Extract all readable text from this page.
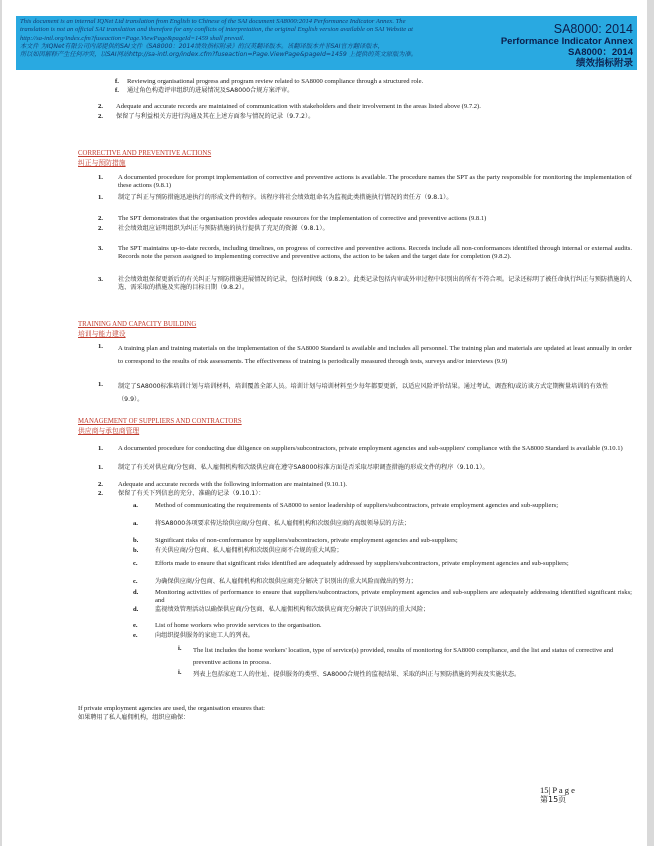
This document is an internal IQNet Ltd translation from English to Chinese of the SAI document SA8000:2014 Performance Indicator Annex. The
translation is not an official SAI translation and therefore for any conflicts of interpretation, the original English version available on SAI Website at
http://sa-intl.org/index.cfm?fuseaction=Page.ViewPage&pageId=1459 shall prevail.
本文件 为IQNet有限公司内部提供的SAI文件《SA8000：2014绩效指标附录》的汉英翻译版本。该翻译版本并非SAI官方翻译版本，
所以如因解释产生任何冲突，以SAI网站http://sa-intl.org/index.cfm?fuseaction=Page.ViewPage&pageId=1459 上提供的英文原版为准。
SA8000: 2014
Performance Indicator Annex
SA8000：2014
绩效指标附录
f. Reviewing organisational progress and program review related to SA8000 compliance through a structured role.
f. 通过角色构造评审组织的进展情况及SA8000合规方案评审。
2. Adequate and accurate records are maintained of communication with stakeholders and their involvement in the areas listed above (9.7.2).
2. 保留了与利益相关方进行沟通及其在上述方面参与情况的记录（9.7.2）。
CORRECTIVE AND PREVENTIVE ACTIONS
纠正与预防措施
1. A documented procedure for prompt implementation of corrective and preventive actions is available. The procedure names the SPT as the party responsible for monitoring the implementation of these actions (9.8.1)
1. 制定了纠正与预防措施迅速执行的形成文件的程序。该程序将社会绩效组命名为监视此类措施执行情况的责任方（9.8.1）。
2. The SPT demonstrates that the organisation provides adequate resources for the implementation of corrective and preventive actions (9.8.1)
2. 社会绩效组应证明组织为纠正与预防措施的执行提供了充足的资源（9.8.1）。
3. The SPT maintains up-to-date records, including timelines, on progress of corrective and preventive actions. Records include all non-conformances identified through internal or external audits. Records note the person assigned to implementing corrective and preventive actions, the action to be taken and the target date for completion (9.8.2).
3. 社会绩效组保留更新后的有关纠正与预防措施进展情况的记录，包括时间线（9.8.2）。此类记录包括内审或外审过程中识别出的所有不符合项。记录还标明了被任命执行纠正与预防措施的人选、需采取的措施及实施的目标日期（9.8.2）。
TRAINING AND CAPACITY BUILDING
培训与能力建设
1. A training plan and training materials on the implementation of the SA8000 Standard is available and includes all personnel. The training plan and materials are updated at least annually in order to correspond to the results of risk assessments. The effectiveness of training is periodically measured through tests, surveys and/or interviews (9.9)
1. 制定了SA8000标准培训计划与培训材料，培训覆盖全部人员。培训计划与培训材料至少每年都要更新，以适应风险评价结果。通过考试、调查和/或访谈方式定期衡量培训的有效性（9.9）。
MANAGEMENT OF SUPPLIERS AND CONTRACTORS
供应商与承包商管理
1. A documented procedure for conducting due diligence on suppliers/subcontractors, private employment agencies and sub-suppliers' compliance with the SA8000 Standard is available (9.10.1)
1. 制定了有关对供应商/分包商、私人雇佣机构和次级供应商在遵守SA8000标准方面是否采取尽职调查措施的形成文件的程序（9.10.1）。
2. Adequate and accurate records with the following information are maintained (9.10.1).
2. 保留了有关下列信息的充分、准确的记录（9.10.1）：
a.	Method of communicating the requirements of SA8000 to senior leadership of suppliers/subcontractors, private employment agencies and sub-suppliers;
a.	将SA8000各项要求传达给供应商/分包商、私人雇佣机构和次级供应商的高级领导层的方法；
b.	Significant risks of non-conformance by suppliers/subcontractors, private employment agencies and sub-suppliers;
b.	有关供应商/分包商、私人雇佣机构和次级供应商不合规的重大风险；
c.	Efforts made to ensure that significant risks identified are adequately addressed by suppliers/subcontractors, private employment agencies and sub-suppliers;
c.	为确保供应商/分包商、私人雇佣机构和次级供应商充分解决了识别出的重大风险而做出的努力；
d.	Monitoring activities of performance to ensure that suppliers/subcontractors, private employment agencies and sub-suppliers are adequately addressing identified significant risks; and
d.	监视绩效管理活动以确保供应商/分包商、私人雇佣机构和次级供应商充分解决了识别出的重大风险；
e.	List of home workers who provide services to the organisation.
e.	向组织提供服务的家庭工人的列表。
i. The list includes the home workers' location, type of service(s) provided, results of monitoring for SA8000 compliance, and the list and status of corrective and preventive actions in process.
i. 列表上包括家庭工人的住址、提供服务的类型、SA8000合规性的监视结果、采取的纠正与预防措施的列表及实施状态。
If private employment agencies are used, the organisation ensures that:
如果聘用了私人雇佣机构，组织应确保：
15| P a g e
第15页
